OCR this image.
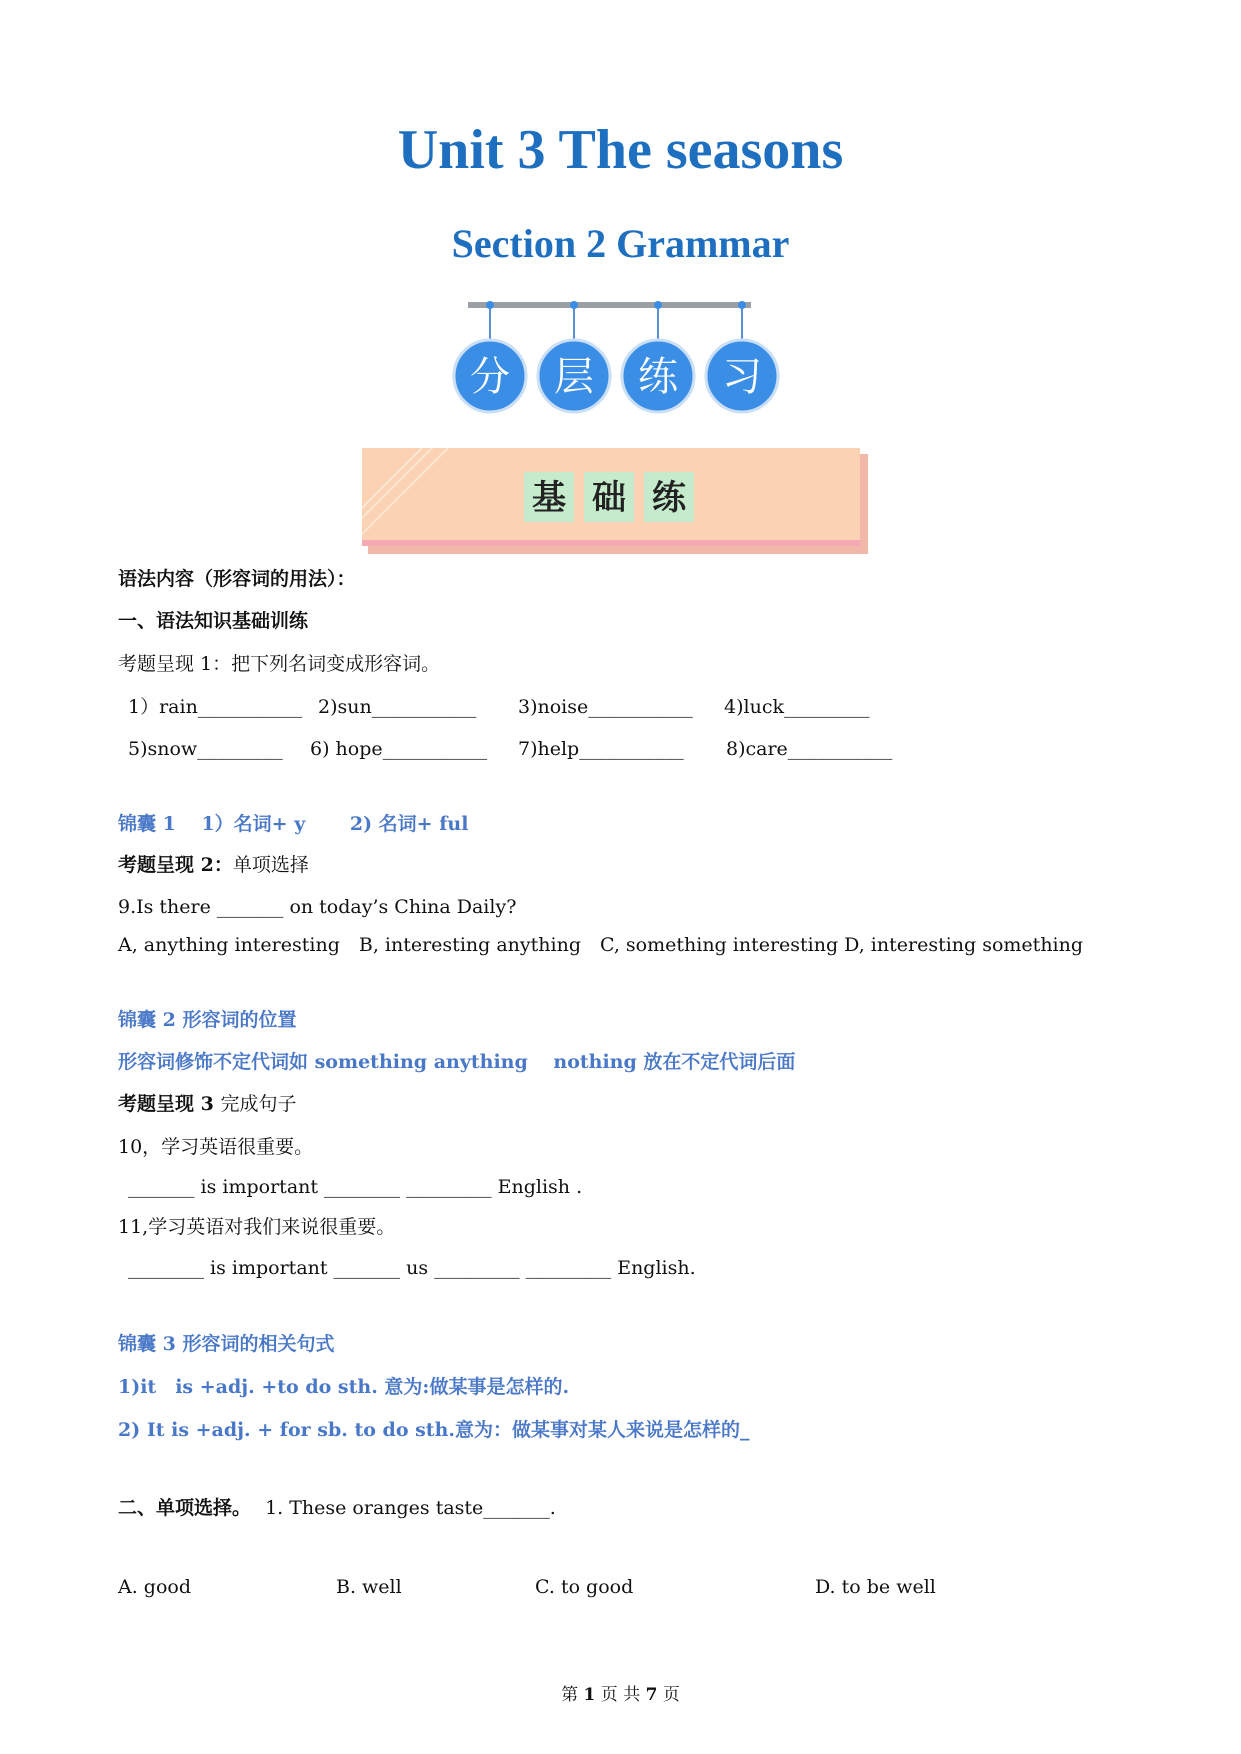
Unit 3 The seasons
Section 2 Grammar
分 层 练 习
基 础 练
语法内容（形容词的用法）：
一、语法知识基础训练
考题呈现 1：把下列名词变成形容词。
1）rain___________ 2)sun___________ 3)noise___________ 4)luck_________
5)snow_________ 6) hope___________ 7)help___________ 8)care___________
锦囊 1　 1）名词+ y　　 2) 名词+ ful
考题呈现 2：单项选择
9.Is there _______ on today’s China Daily?
A, anything interesting　B, interesting anything　C, something interesting D, interesting something
锦囊 2 形容词的位置
形容词修饰不定代词如 something anything　 nothing 放在不定代词后面
考题呈现 3 完成句子
10，学习英语很重要。
_______ is important ________ _________ English .
11,学习英语对我们来说很重要。
________ is important _______ us _________ _________ English.
锦囊 3 形容词的相关句式
1)it　is +adj. +to do sth. 意为:做某事是怎样的.
2) It is +adj. + for sb. to do sth.意为：做某事对某人来说是怎样的_
二、单项选择。 1. These oranges taste_______.
A. good	B. well	C. to good	D. to be well
第 1 页 共 7 页
